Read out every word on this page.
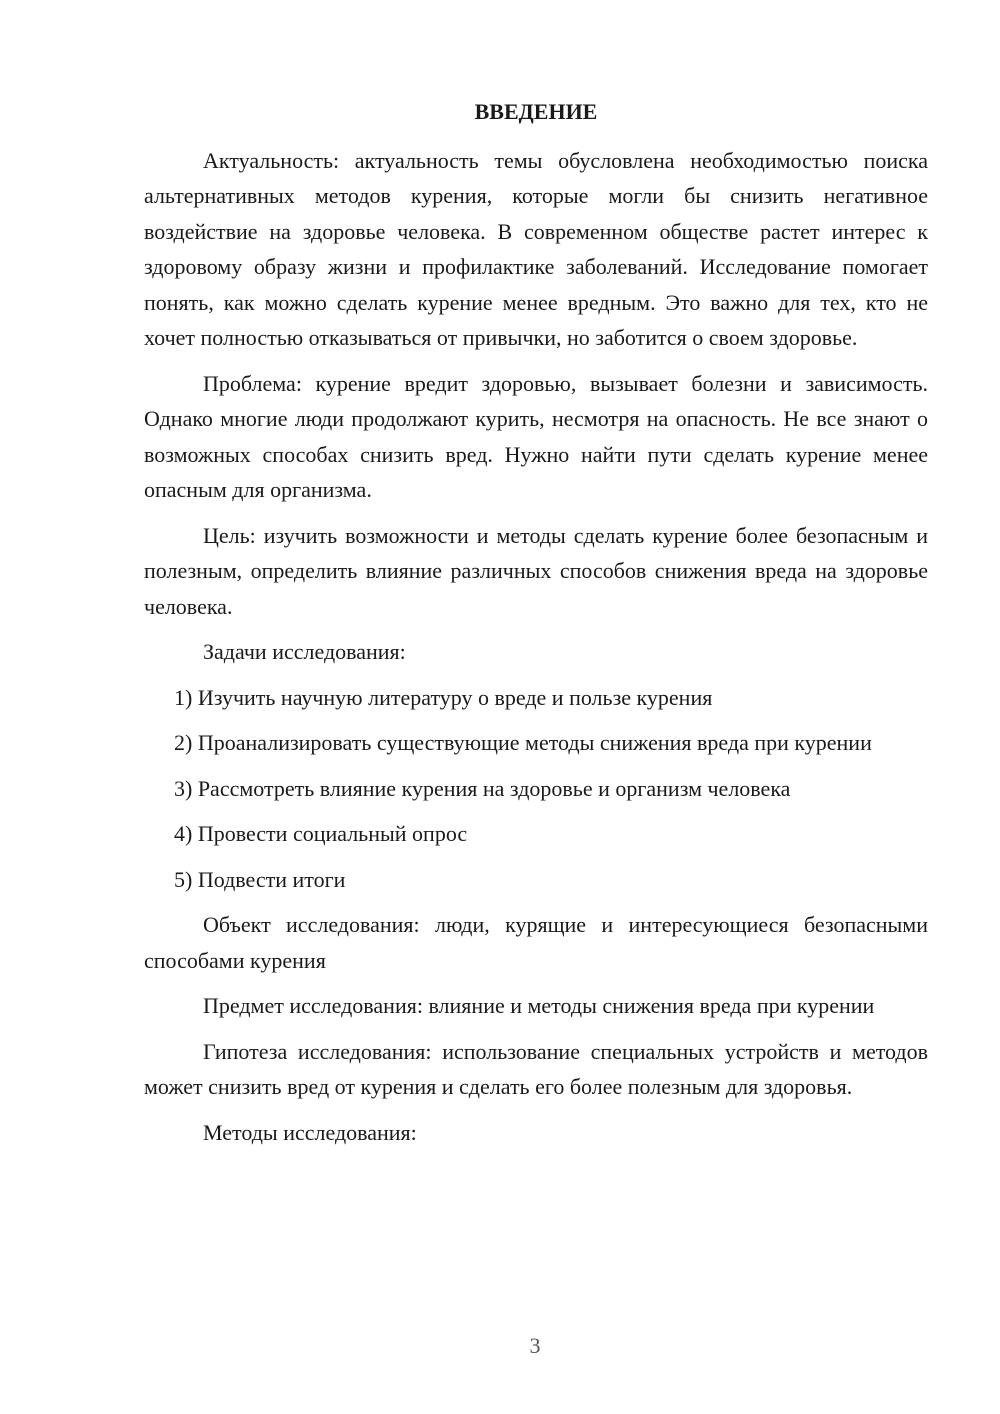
ВВЕДЕНИЕ

Актуальность: актуальность темы обусловлена необходимостью поиска альтернативных методов курения, которые могли бы снизить негативное воздействие на здоровье человека. В современном обществе растет интерес к здоровому образу жизни и профилактике заболеваний. Исследование помогает понять, как можно сделать курение менее вредным. Это важно для тех, кто не хочет полностью отказываться от привычки, но заботится о своем здоровье.

Проблема: курение вредит здоровью, вызывает болезни и зависимость. Однако многие люди продолжают курить, несмотря на опасность. Не все знают о возможных способах снизить вред. Нужно найти пути сделать курение менее опасным для организма.

Цель: изучить возможности и методы сделать курение более безопасным и полезным, определить влияние различных способов снижения вреда на здоровье человека.

Задачи исследования:

1) Изучить научную литературу о вреде и пользе курения

2) Проанализировать существующие методы снижения вреда при курении

3) Рассмотреть влияние курения на здоровье и организм человека

4) Провести социальный опрос

5) Подвести итоги

Объект исследования: люди, курящие и интересующиеся безопасными способами курения

Предмет исследования: влияние и методы снижения вреда при курении

Гипотеза исследования: использование специальных устройств и методов может снизить вред от курения и сделать его более полезным для здоровья.

Методы исследования:

3
